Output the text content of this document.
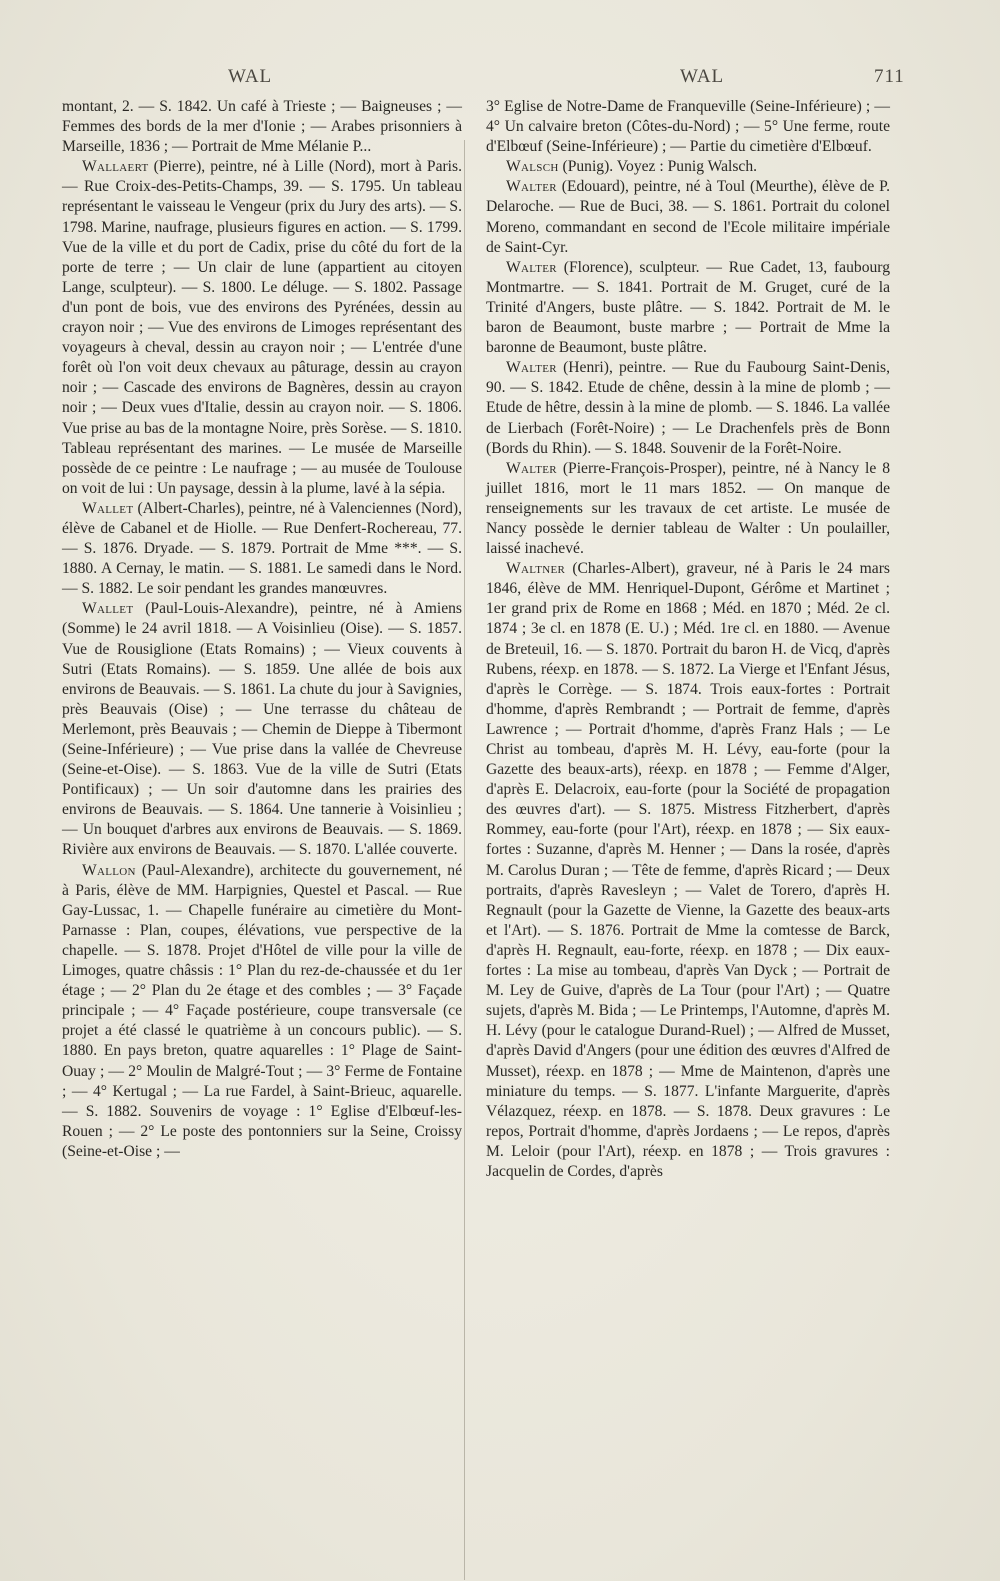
WAL	WAL	711

montant, 2. — S. 1842. Un café à Trieste ; — Baigneuses ; — Femmes des bords de la mer d'Ionie ; — Arabes prisonniers à Marseille, 1836 ; — Portrait de Mme Mélanie P...

Wallaert (Pierre), peintre, né à Lille (Nord), mort à Paris. — Rue Croix-des-Petits-Champs, 39. — S. 1795. Un tableau représentant le vaisseau le Vengeur (prix du Jury des arts). — S. 1798. Marine, naufrage, plusieurs figures en action. — S. 1799. Vue de la ville et du port de Cadix, prise du côté du fort de la porte de terre ; — Un clair de lune (appartient au citoyen Lange, sculpteur). — S. 1800. Le déluge. — S. 1802. Passage d'un pont de bois, vue des environs des Pyrénées, dessin au crayon noir ; — Vue des environs de Limoges représentant des voyageurs à cheval, dessin au crayon noir ; — L'entrée d'une forêt où l'on voit deux chevaux au pâturage, dessin au crayon noir ; — Cascade des environs de Bagnères, dessin au crayon noir ; — Deux vues d'Italie, dessin au crayon noir. — S. 1806. Vue prise au bas de la montagne Noire, près Sorèse. — S. 1810. Tableau représentant des marines. — Le musée de Marseille possède de ce peintre : Le naufrage ; — au musée de Toulouse on voit de lui : Un paysage, dessin à la plume, lavé à la sépia.

Wallet (Albert-Charles), peintre, né à Valenciennes (Nord), élève de Cabanel et de Hiolle. — Rue Denfert-Rochereau, 77. — S. 1876. Dryade. — S. 1879. Portrait de Mme ***. — S. 1880. A Cernay, le matin. — S. 1881. Le samedi dans le Nord. — S. 1882. Le soir pendant les grandes manœuvres.

Wallet (Paul-Louis-Alexandre), peintre, né à Amiens (Somme) le 24 avril 1818. — A Voisinlieu (Oise). — S. 1857. Vue de Rousiglione (Etats Romains) ; — Vieux couvents à Sutri (Etats Romains). — S. 1859. Une allée de bois aux environs de Beauvais. — S. 1861. La chute du jour à Savignies, près Beauvais (Oise) ; — Une terrasse du château de Merlemont, près Beauvais ; — Chemin de Dieppe à Tibermont (Seine-Inférieure) ; — Vue prise dans la vallée de Chevreuse (Seine-et-Oise). — S. 1863. Vue de la ville de Sutri (Etats Pontificaux) ; — Un soir d'automne dans les prairies des environs de Beauvais. — S. 1864. Une tannerie à Voisinlieu ; — Un bouquet d'arbres aux environs de Beauvais. — S. 1869. Rivière aux environs de Beauvais. — S. 1870. L'allée couverte.

Wallon (Paul-Alexandre), architecte du gouvernement, né à Paris, élève de MM. Harpignies, Questel et Pascal. — Rue Gay-Lussac, 1. — Chapelle funéraire au cimetière du Mont-Parnasse : Plan, coupes, élévations, vue perspective de la chapelle. — S. 1878. Projet d'Hôtel de ville pour la ville de Limoges, quatre châssis : 1° Plan du rez-de-chaussée et du 1er étage ; — 2° Plan du 2e étage et des combles ; — 3° Façade principale ; — 4° Façade postérieure, coupe transversale (ce projet a été classé le quatrième à un concours public). — S. 1880. En pays breton, quatre aquarelles : 1° Plage de Saint-Ouay ; — 2° Moulin de Malgré-Tout ; — 3° Ferme de Fontaine ; — 4° Kertugal ; — La rue Fardel, à Saint-Brieuc, aquarelle. — S. 1882. Souvenirs de voyage : 1° Eglise d'Elbœuf-les-Rouen ; — 2° Le poste des pontonniers sur la Seine, Croissy (Seine-et-Oise ; —

3° Eglise de Notre-Dame de Franqueville (Seine-Inférieure) ; — 4° Un calvaire breton (Côtes-du-Nord) ; — 5° Une ferme, route d'Elbœuf (Seine-Inférieure) ; — Partie du cimetière d'Elbœuf.

Walsch (Punig). Voyez : Punig Walsch.

Walter (Edouard), peintre, né à Toul (Meurthe), élève de P. Delaroche. — Rue de Buci, 38. — S. 1861. Portrait du colonel Moreno, commandant en second de l'Ecole militaire impériale de Saint-Cyr.

Walter (Florence), sculpteur. — Rue Cadet, 13, faubourg Montmartre. — S. 1841. Portrait de M. Gruget, curé de la Trinité d'Angers, buste plâtre. — S. 1842. Portrait de M. le baron de Beaumont, buste marbre ; — Portrait de Mme la baronne de Beaumont, buste plâtre.

Walter (Henri), peintre. — Rue du Faubourg Saint-Denis, 90. — S. 1842. Etude de chêne, dessin à la mine de plomb ; — Etude de hêtre, dessin à la mine de plomb. — S. 1846. La vallée de Lierbach (Forêt-Noire) ; — Le Drachenfels près de Bonn (Bords du Rhin). — S. 1848. Souvenir de la Forêt-Noire.

Walter (Pierre-François-Prosper), peintre, né à Nancy le 8 juillet 1816, mort le 11 mars 1852. — On manque de renseignements sur les travaux de cet artiste. Le musée de Nancy possède le dernier tableau de Walter : Un poulailler, laissé inachevé.

Waltner (Charles-Albert), graveur, né à Paris le 24 mars 1846, élève de MM. Henriquel-Dupont, Gérôme et Martinet ; 1er grand prix de Rome en 1868 ; Méd. en 1870 ; Méd. 2e cl. 1874 ; 3e cl. en 1878 (E. U.) ; Méd. 1re cl. en 1880. — Avenue de Breteuil, 16. — S. 1870. Portrait du baron H. de Vicq, d'après Rubens, réexp. en 1878. — S. 1872. La Vierge et l'Enfant Jésus, d'après le Corrège. — S. 1874. Trois eaux-fortes : Portrait d'homme, d'après Rembrandt ; — Portrait de femme, d'après Lawrence ; — Portrait d'homme, d'après Franz Hals ; — Le Christ au tombeau, d'après M. H. Lévy, eau-forte (pour la Gazette des beaux-arts), réexp. en 1878 ; — Femme d'Alger, d'après E. Delacroix, eau-forte (pour la Société de propagation des œuvres d'art). — S. 1875. Mistress Fitzherbert, d'après Rommey, eau-forte (pour l'Art), réexp. en 1878 ; — Six eaux-fortes : Suzanne, d'après M. Henner ; — Dans la rosée, d'après M. Carolus Duran ; — Tête de femme, d'après Ricard ; — Deux portraits, d'après Ravesleyn ; — Valet de Torero, d'après H. Regnault (pour la Gazette de Vienne, la Gazette des beaux-arts et l'Art). — S. 1876. Portrait de Mme la comtesse de Barck, d'après H. Regnault, eau-forte, réexp. en 1878 ; — Dix eaux-fortes : La mise au tombeau, d'après Van Dyck ; — Portrait de M. Ley de Guive, d'après de La Tour (pour l'Art) ; — Quatre sujets, d'après M. Bida ; — Le Printemps, l'Automne, d'après M. H. Lévy (pour le catalogue Durand-Ruel) ; — Alfred de Musset, d'après David d'Angers (pour une édition des œuvres d'Alfred de Musset), réexp. en 1878 ; — Mme de Maintenon, d'après une miniature du temps. — S. 1877. L'infante Marguerite, d'après Vélazquez, réexp. en 1878. — S. 1878. Deux gravures : Le repos, Portrait d'homme, d'après Jordaens ; — Le repos, d'après M. Leloir (pour l'Art), réexp. en 1878 ; — Trois gravures : Jacquelin de Cordes, d'après
